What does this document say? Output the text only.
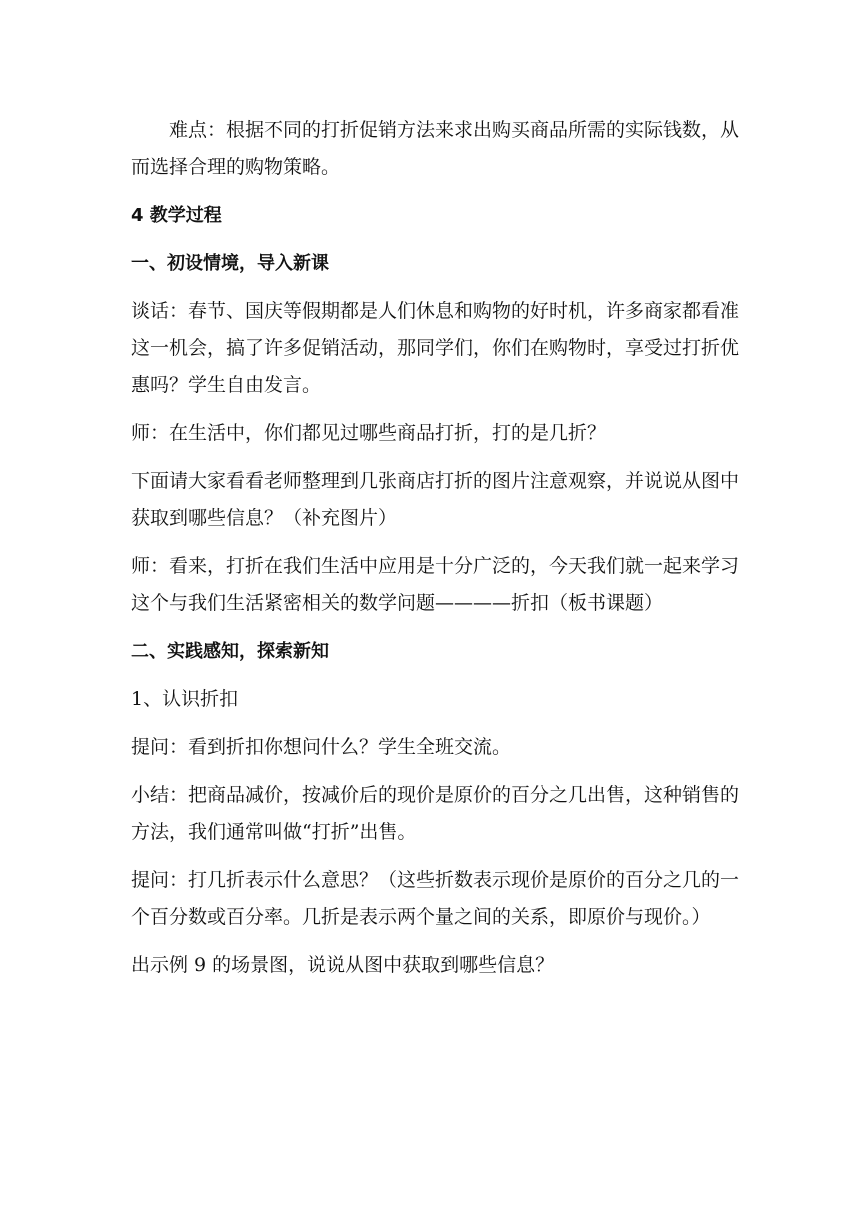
难点：根据不同的打折促销方法来求出购买商品所需的实际钱数，从而选择合理的购物策略。

4 教学过程
一、初设情境，导入新课

谈话：春节、国庆等假期都是人们休息和购物的好时机，许多商家都看准这一机会，搞了许多促销活动，那同学们，你们在购物时，享受过打折优惠吗？学生自由发言。

师：在生活中，你们都见过哪些商品打折，打的是几折？

下面请大家看看老师整理到几张商店打折的图片注意观察，并说说从图中获取到哪些信息？（补充图片）

师：看来，打折在我们生活中应用是十分广泛的，今天我们就一起来学习这个与我们生活紧密相关的数学问题————折扣（板书课题）

二、实践感知，探索新知

1、认识折扣

提问：看到折扣你想问什么？学生全班交流。

小结：把商品减价，按减价后的现价是原价的百分之几出售，这种销售的方法，我们通常叫做“打折”出售。

提问：打几折表示什么意思？（这些折数表示现价是原价的百分之几的一个百分数或百分率。几折是表示两个量之间的关系，即原价与现价。）

出示例 9 的场景图，说说从图中获取到哪些信息？
